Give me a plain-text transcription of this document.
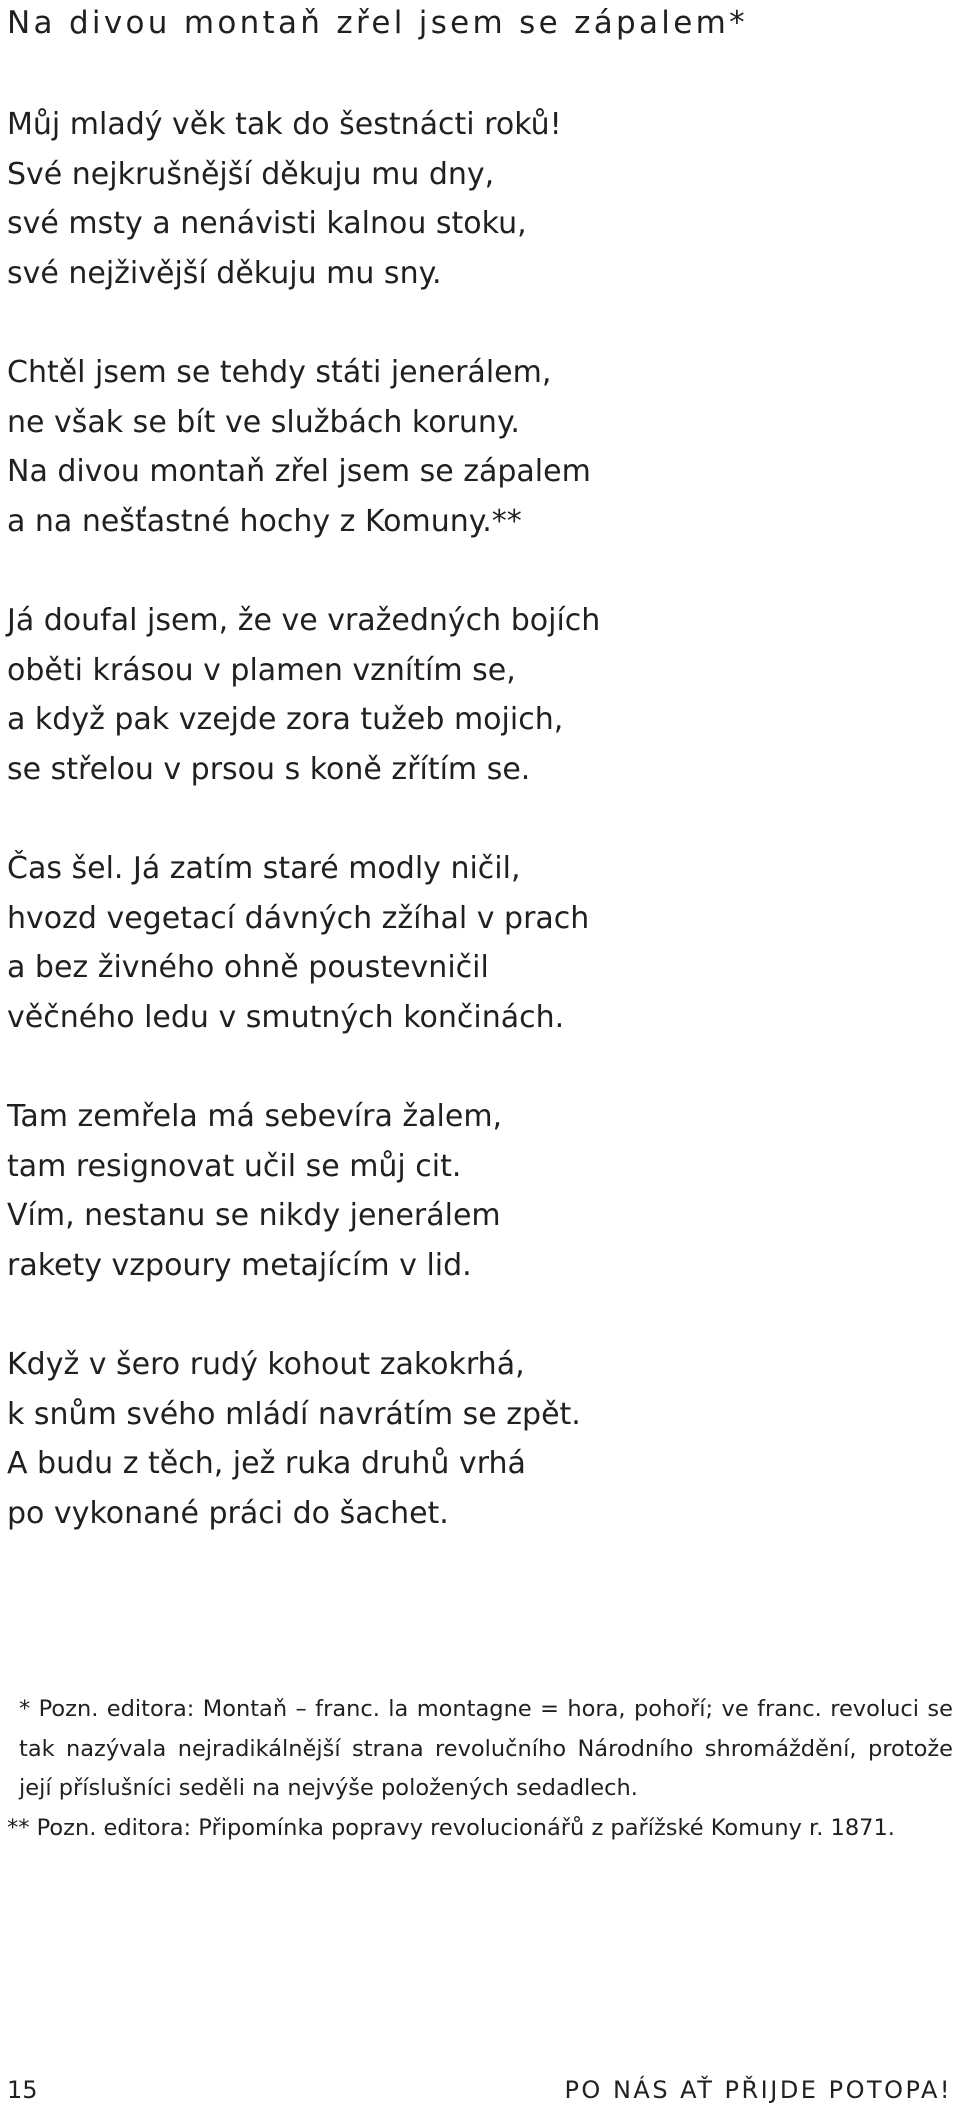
Na divou montaň zřel jsem se zápalem*
Můj mladý věk tak do šestnácti roků!
Své nejkrušnější děkuju mu dny,
své msty a nenávisti kalnou stoku,
své nejživější děkuju mu sny.
Chtěl jsem se tehdy státi jenerálem,
ne však se bít ve službách koruny.
Na divou montaň zřel jsem se zápalem
a na nešťastné hochy z Komuny.**
Já doufal jsem, že ve vražedných bojích
oběti krásou v plamen vznítím se,
a když pak vzejde zora tužeb mojich,
se střelou v prsou s koně zřítím se.
Čas šel. Já zatím staré modly ničil,
hvozd vegetací dávných zžíhal v prach
a bez živného ohně poustevničil
věčného ledu v smutných končinách.
Tam zemřela má sebevíra žalem,
tam resignovat učil se můj cit.
Vím, nestanu se nikdy jenerálem
rakety vzpoury metajícím v lid.
Když v šero rudý kohout zakokrhá,
k snům svého mládí navrátím se zpět.
A budu z těch, jež ruka druhů vrhá
po vykonané práci do šachet.

* Pozn. editora: Montaň – franc. la montagne = hora, pohoří; ve franc. revoluci se tak nazývala nejradikálnější strana revolučního Národního shromáždění, protože její příslušníci seděli na nejvýše položených sedadlech.

** Pozn. editora: Připomínka popravy revolucionářů z pařížské Komuny r. 1871.

15	PO NÁS AŤ PŘIJDE POTOPA!
